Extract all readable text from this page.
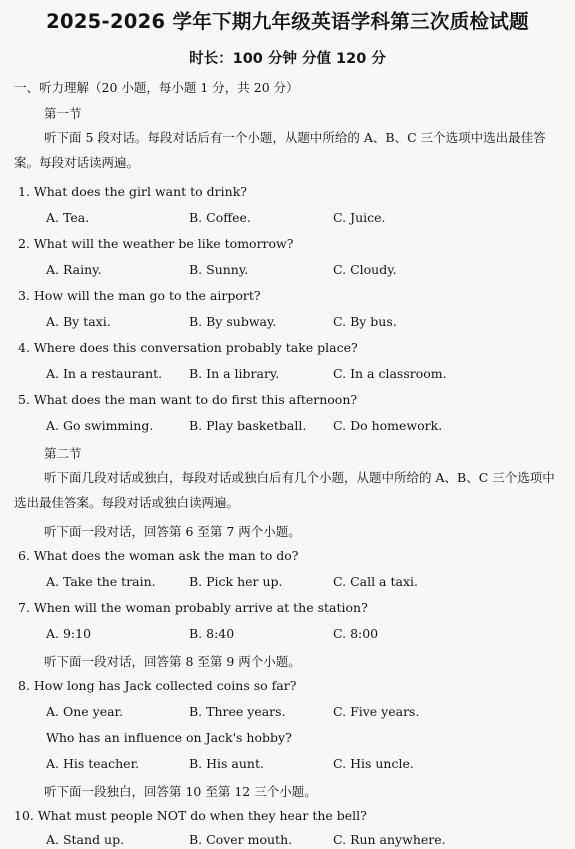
2025-2026 学年下期九年级英语学科第三次质检试题
时长：100 分钟 分值 120 分
一、听力理解（20 小题，每小题 1 分，共 20 分）
第一节
听下面 5 段对话。每段对话后有一个小题，从题中所给的 A、B、C 三个选项中选出最佳答案。每段对话读两遍。
1. What does the girl want to drink?
A. Tea.	B. Coffee.	C. Juice.
2. What will the weather be like tomorrow?
A. Rainy.	B. Sunny.	C. Cloudy.
3. How will the man go to the airport?
A. By taxi.	B. By subway.	C. By bus.
4. Where does this conversation probably take place?
A. In a restaurant. B. In a library.	C. In a classroom.
5. What does the man want to do first this afternoon?
A. Go swimming.	B. Play basketball. C. Do homework.
第二节
听下面几段对话或独白，每段对话或独白后有几个小题，从题中所给的 A、B、C 三个选项中选出最佳答案。每段对话或独白读两遍。
听下面一段对话，回答第 6 至第 7 两个小题。
6. What does the woman ask the man to do?
A. Take the train.	B. Pick her up.	C. Call a taxi.
7. When will the woman probably arrive at the station?
A. 9:10	B. 8:40	C. 8:00
听下面一段对话，回答第 8 至第 9 两个小题。
8. How long has Jack collected coins so far?
A. One year.	B. Three years.	C. Five years.
Who has an influence on Jack's hobby?
A. His teacher.	B. His aunt.	C. His uncle.
听下面一段独白，回答第 10 至第 12 三个小题。
10. What must people NOT do when they hear the bell?
A. Stand up.	B. Cover mouth.	C. Run anywhere.
